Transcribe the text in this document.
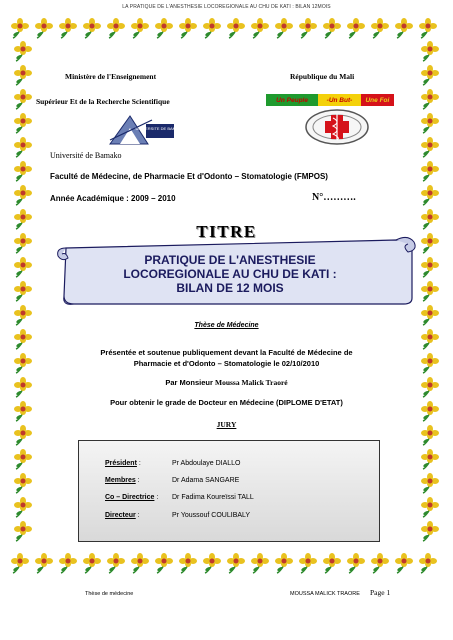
LA PRATIQUE DE L'ANESTHESIE LOCOREGIONALE AU CHU DE KATI : BILAN 12MOIS
Ministère de l'Enseignement
Supérieur Et de la Recherche Scientifique
République du Mali
Un Peuple	-Un But-	Une Foi
UNIVERSITE DE BAMAKO
Université de Bamako
Faculté de Médecine, de Pharmacie Et d'Odonto – Stomatologie (FMPOS)
Année Académique : 2009 – 2010	N°……….
TITRE
PRATIQUE DE L'ANESTHESIE
LOCOREGIONALE AU CHU DE KATI :
BILAN DE 12 MOIS
Thèse de Médecine
Présentée et soutenue publiquement devant la Faculté de Médecine de
Pharmacie et d'Odonto – Stomatologie le 02/10/2010
Par Monsieur Moussa Malick Traoré
Pour obtenir le grade de Docteur en Médecine (DIPLOME D'ETAT)
JURY
Président :	Pr Abdoulaye DIALLO
Membres :	Dr Adama SANGARE
Co – Directrice : Dr Fadima Koureïssi TALL
Directeur :	Pr Youssouf COULIBALY
Thèse de médecine	MOUSSA MALICK TRAORE Page 1
